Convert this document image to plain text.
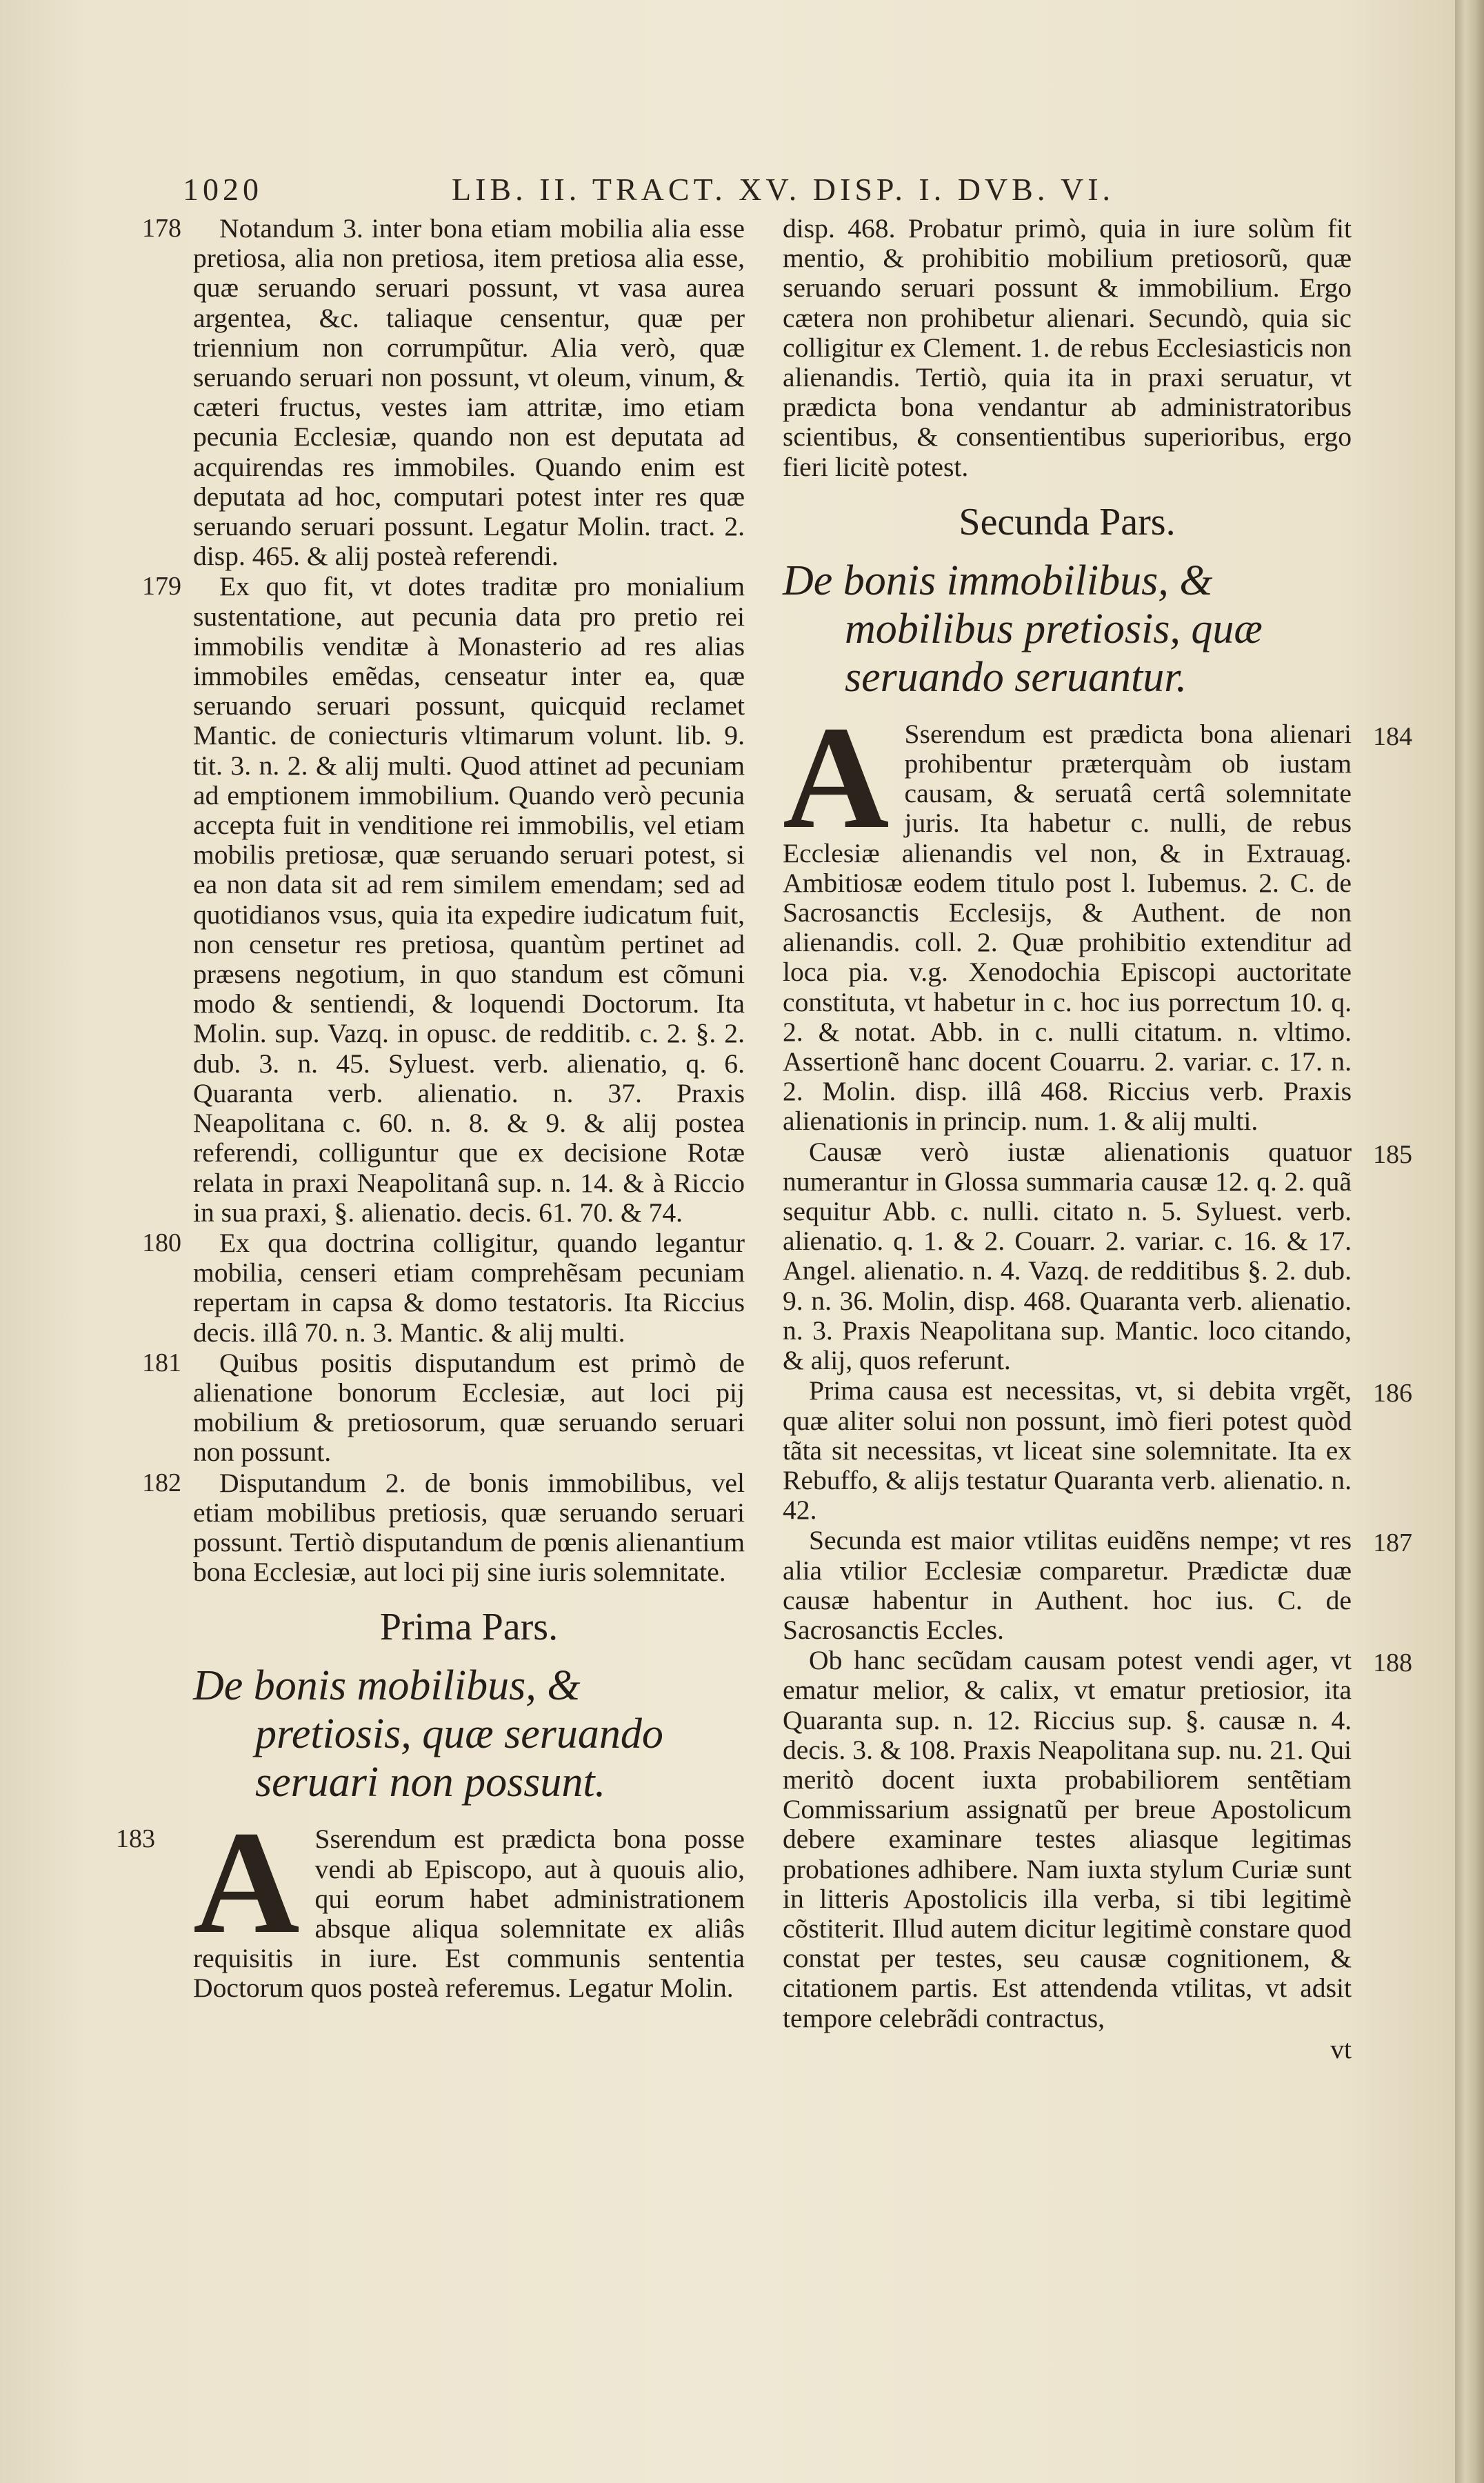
1020	LIB. II. TRACT. XV. DISP. I. DVB. VI.
178 Notandum 3. inter bona etiam mobilia alia esse pretiosa, alia non pretiosa, item pretiosa alia esse, quæ seruando seruari possunt, vt vasa aurea argentea, &c. taliaque censentur, quæ per triennium non corrumpũtur. Alia verò, quæ seruando seruari non possunt, vt oleum, vinum, & cæteri fructus, vestes iam attritæ, imo etiam pecunia Ecclesiæ, quando non est deputata ad acquirendas res immobiles. Quando enim est deputata ad hoc, computari potest inter res quæ seruando seruari possunt. Legatur Molin. tract. 2. disp. 465. & alij posteà referendi.
179 Ex quo fit, vt dotes traditæ pro monialium sustentatione, aut pecunia data pro pretio rei immobilis venditæ à Monasterio ad res alias immobiles emẽdas, censeatur inter ea, quæ seruando seruari possunt, quicquid reclamet Mantic. de coniecturis vltimarum volunt. lib. 9. tit. 3. n. 2. & alij multi. Quod attinet ad pecuniam ad emptionem immobilium. Quando verò pecunia accepta fuit in venditione rei immobilis, vel etiam mobilis pretiosæ, quæ seruando seruari potest, si ea non data sit ad rem similem emendam; sed ad quotidianos vsus, quia ita expedire iudicatum fuit, non censetur res pretiosa, quantùm pertinet ad præsens negotium, in quo standum est cõmuni modo & sentiendi, & loquendi Doctorum. Ita Molin. sup. Vazq. in opusc. de redditib. c. 2. §. 2. dub. 3. n. 45. Syluest. verb. alienatio, q. 6. Quaranta verb. alienatio. n. 37. Praxis Neapolitana c. 60. n. 8. & 9. & alij postea referendi, colliguntur que ex decisione Rotæ relata in praxi Neapolitanâ sup. n. 14. & à Riccio in sua praxi, §. alienatio. decis. 61. 70. & 74.
180 Ex qua doctrina colligitur, quando legantur mobilia, censeri etiam comprehẽsam pecuniam repertam in capsa & domo testatoris. Ita Riccius decis. illâ 70. n. 3. Mantic. & alij multi.
181 Quibus positis disputandum est primò de alienatione bonorum Ecclesiæ, aut loci pij mobilium & pretiosorum, quæ seruando seruari non possunt.
182 Disputandum 2. de bonis immobilibus, vel etiam mobilibus pretiosis, quæ seruando seruari possunt. Tertiò disputandum de pœnis alienantium bona Ecclesiæ, aut loci pij sine iuris solemnitate.
Prima Pars.
De bonis mobilibus, & pretiosis, quæ seruando seruari non possunt.
183 A Sserendum est prædicta bona posse vendi ab Episcopo, aut à quouis alio, qui eorum habet administrationem absque aliqua solemnitate ex aliâs requisitis in iure. Est communis sententia Doctorum quos posteà referemus. Legatur Molin.
disp. 468. Probatur primò, quia in iure solùm fit mentio, & prohibitio mobilium pretiosorũ, quæ seruando seruari possunt & immobilium. Ergo cætera non prohibetur alienari. Secundò, quia sic colligitur ex Clement. 1. de rebus Ecclesiasticis non alienandis. Tertiò, quia ita in praxi seruatur, vt prædicta bona vendantur ab administratoribus scientibus, & consentientibus superioribus, ergo fieri licitè potest.
Secunda Pars.
De bonis immobilibus, & mobilibus pretiosis, quæ seruando seruantur.
184
A Sserendum est prædicta bona alienari prohibentur præterquàm ob iustam causam, & seruatâ certâ solemnitate juris. Ita habetur c. nulli, de rebus Ecclesiæ alienandis vel non, & in Extrauag. Ambitiosæ eodem titulo post l. Iubemus. 2. C. de Sacrosanctis Ecclesijs, & Authent. de non alienandis. coll. 2. Quæ prohibitio extenditur ad loca pia. v.g. Xenodochia Episcopi auctoritate constituta, vt habetur in c. hoc ius porrectum 10. q. 2. & notat. Abb. in c. nulli citatum. n. vltimo. Assertionẽ hanc docent Couarru. 2. variar. c. 17. n. 2. Molin. disp. illâ 468. Riccius verb. Praxis alienationis in princip. num. 1. & alij multi.
185
Causæ verò iustæ alienationis quatuor numerantur in Glossa summaria causæ 12. q. 2. quã sequitur Abb. c. nulli. citato n. 5. Syluest. verb. alienatio. q. 1. & 2. Couarr. 2. variar. c. 16. & 17. Angel. alienatio. n. 4. Vazq. de redditibus §. 2. dub. 9. n. 36. Molin, disp. 468. Quaranta verb. alienatio. n. 3. Praxis Neapolitana sup. Mantic. loco citando, & alij, quos referunt.
186
Prima causa est necessitas, vt, si debita vrgẽt, quæ aliter solui non possunt, imò fieri potest quòd tãta sit necessitas, vt liceat sine solemnitate. Ita ex Rebuffo, & alijs testatur Quaranta verb. alienatio. n. 42.
187
Secunda est maior vtilitas euidẽns nempe; vt res alia vtilior Ecclesiæ comparetur. Prædictæ duæ causæ habentur in Authent. hoc ius. C. de Sacrosanctis Eccles.
188
Ob hanc secũdam causam potest vendi ager, vt ematur melior, & calix, vt ematur pretiosior, ita Quaranta sup. n. 12. Riccius sup. §. causæ n. 4. decis. 3. & 108. Praxis Neapolitana sup. nu. 21. Qui meritò docent iuxta probabiliorem sentẽtiam Commissarium assignatũ per breue Apostolicum debere examinare testes aliasque legitimas probationes adhibere. Nam iuxta stylum Curiæ sunt in litteris Apostolicis illa verba, si tibi legitimè cõstiterit. Illud autem dicitur legitimè constare quod constat per testes, seu causæ cognitionem, & citationem partis. Est attendenda vtilitas, vt adsit tempore celebrãdi contractus,
vt
